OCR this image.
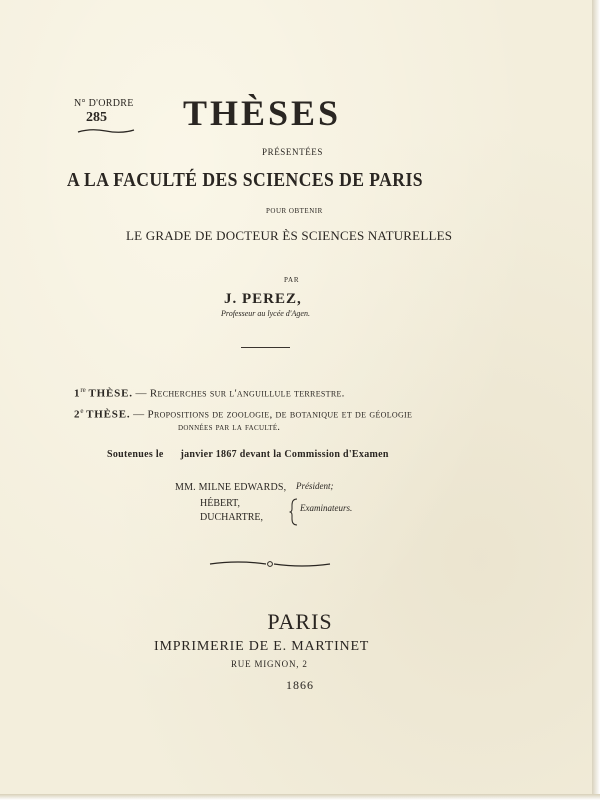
N° D'ORDRE
285 THÈSES
PRÉSENTÉES
A LA FACULTÉ DES SCIENCES DE PARIS
POUR OBTENIR
LE GRADE DE DOCTEUR ÈS SCIENCES NATURELLES
PAR
J. PEREZ,
Professeur au lycée d'Agen.
1re THÈSE. — Recherches sur l'anguillule terrestre.
2e THÈSE. — Propositions de zoologie, de botanique et de géologie
données par la faculté.
Soutenues le      janvier 1867 devant la Commission d'Examen
MM. MILNE EDWARDS, Président;
HÉBERT,
DUCHARTRE,
Examinateurs.
PARIS
IMPRIMERIE DE E. MARTINET
RUE MIGNON, 2
1866
